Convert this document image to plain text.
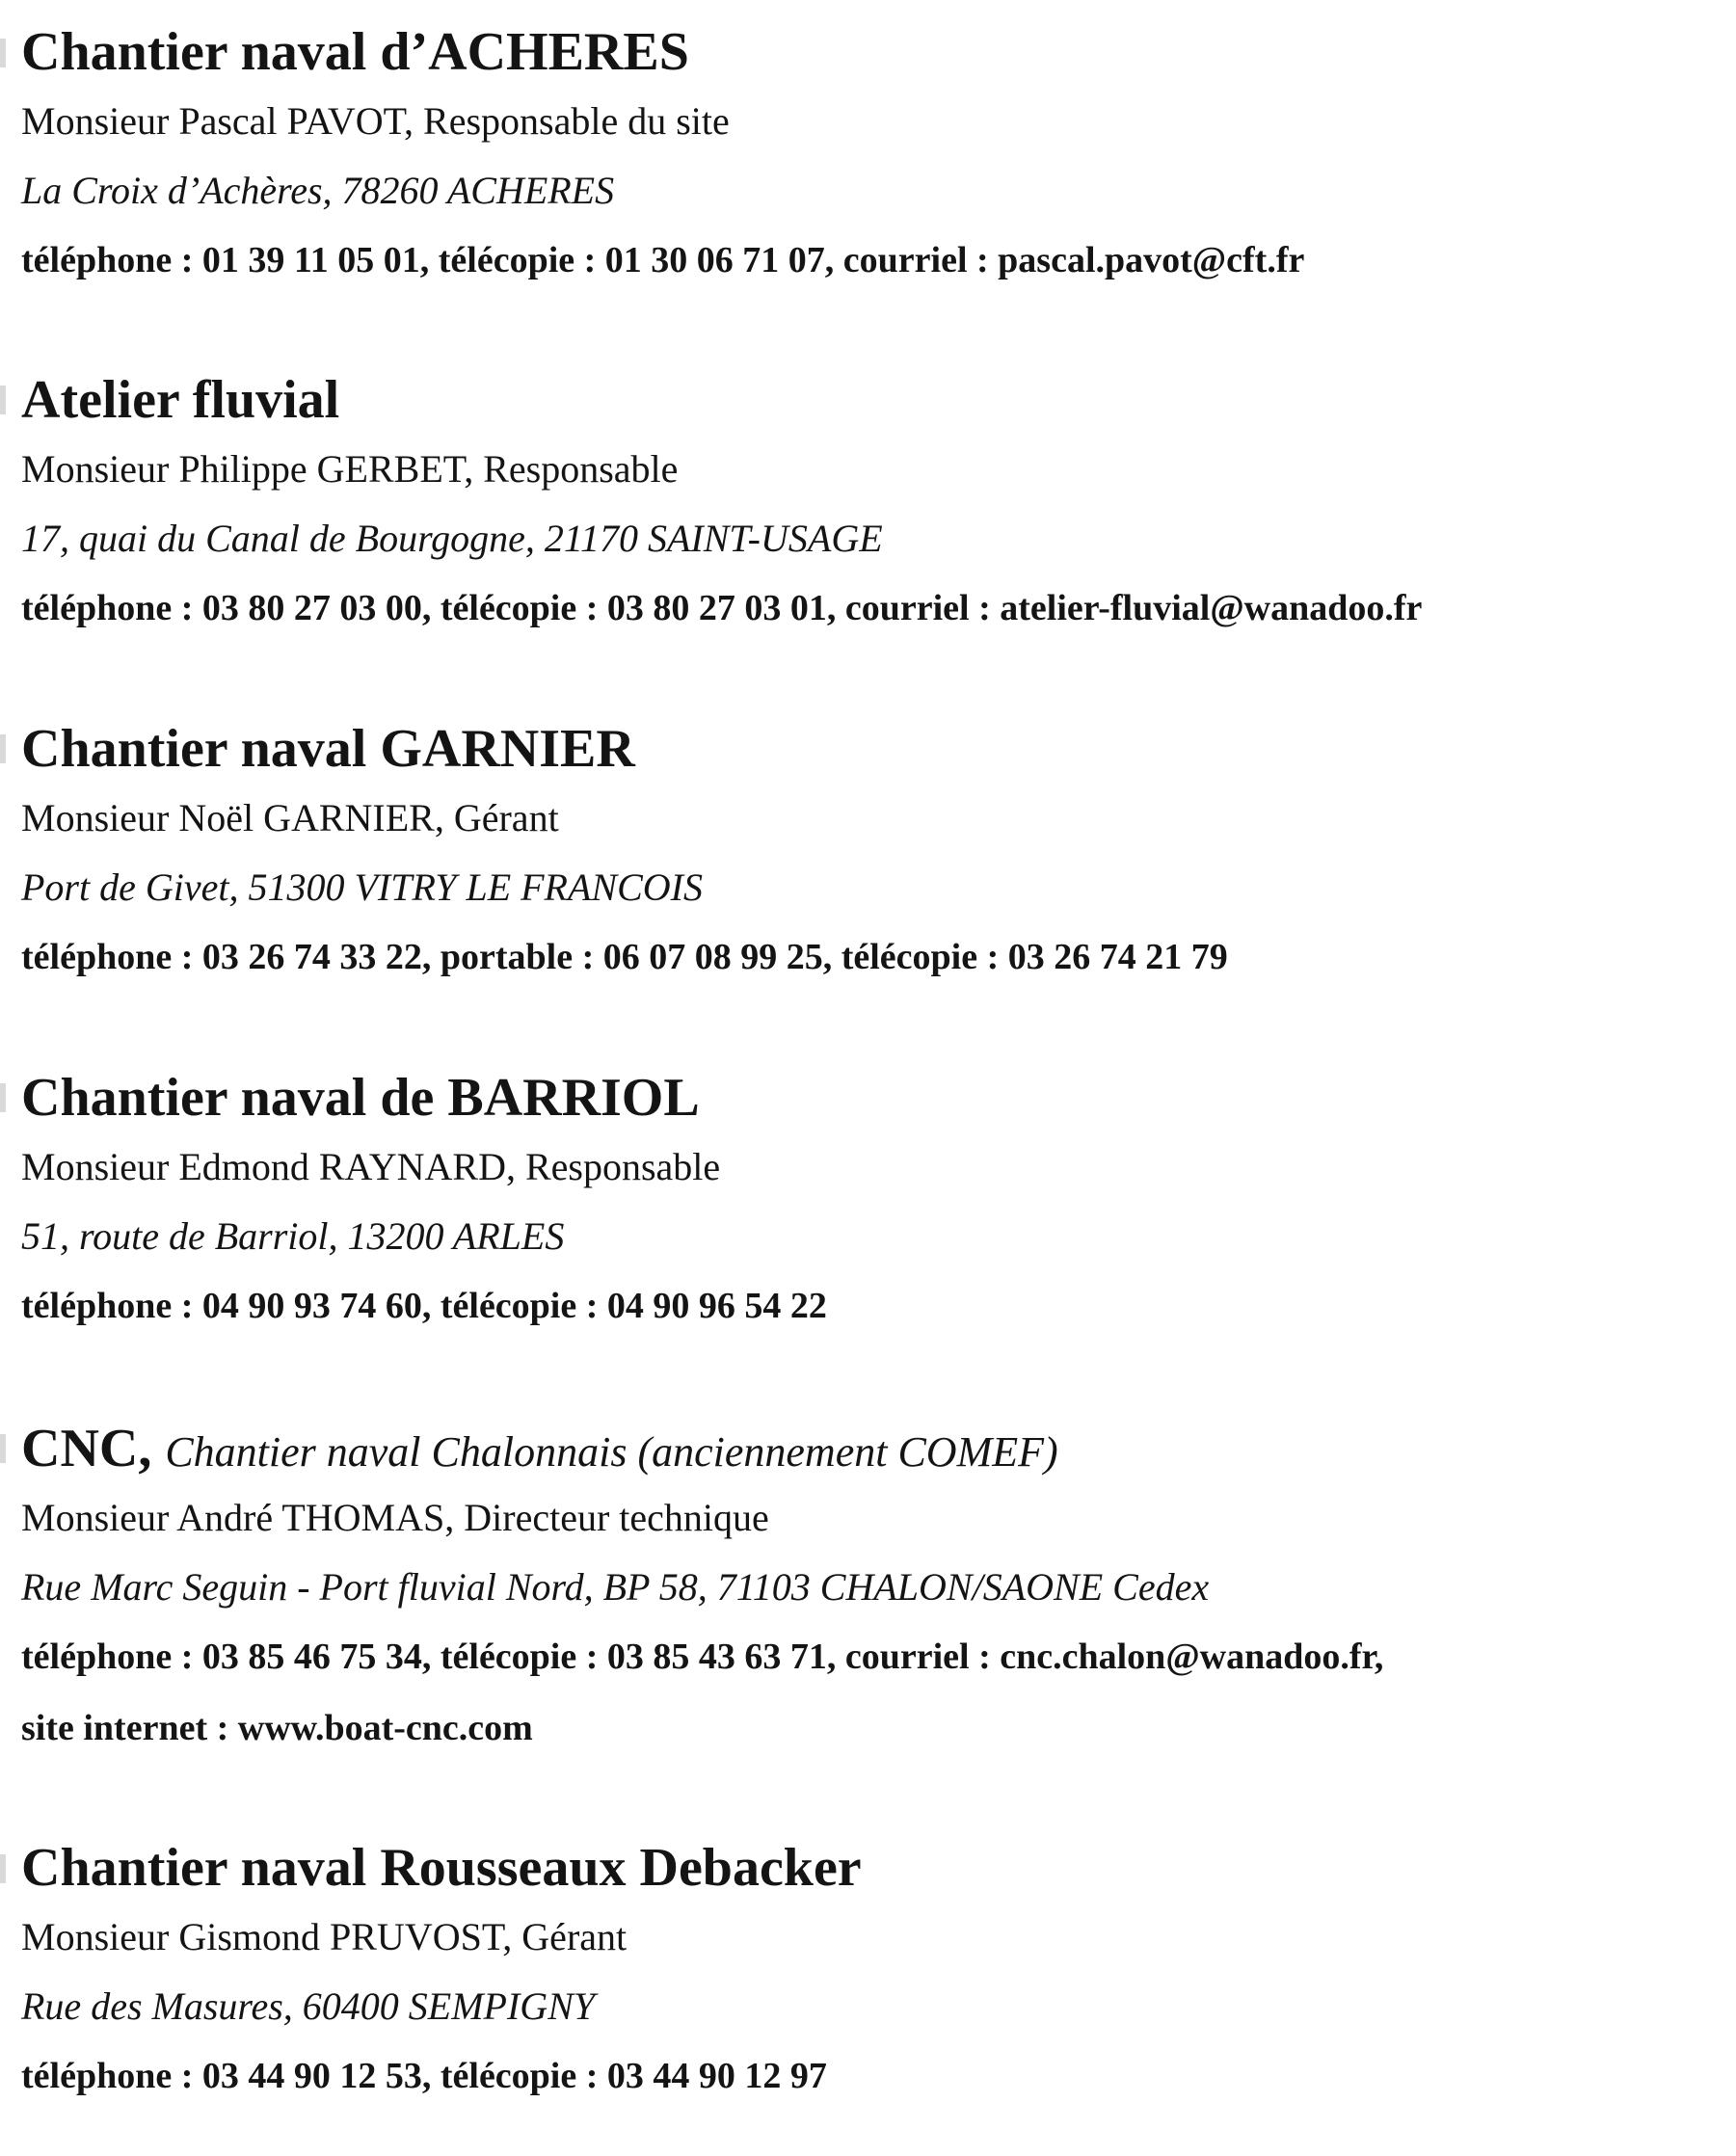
Chantier naval d’ACHERES
Monsieur Pascal PAVOT, Responsable du site
La Croix d’Achères, 78260 ACHERES
téléphone : 01 39 11 05 01, télécopie : 01 30 06 71 07, courriel : pascal.pavot@cft.fr
Atelier fluvial
Monsieur Philippe GERBET, Responsable
17, quai du Canal de Bourgogne, 21170 SAINT-USAGE
téléphone : 03 80 27 03 00, télécopie : 03 80 27 03 01, courriel : atelier-fluvial@wanadoo.fr
Chantier naval GARNIER
Monsieur Noël GARNIER, Gérant
Port de Givet, 51300 VITRY LE FRANCOIS
téléphone : 03 26 74 33 22, portable : 06 07 08 99 25, télécopie : 03 26 74 21 79
Chantier naval de BARRIOL
Monsieur Edmond RAYNARD, Responsable
51, route de Barriol, 13200 ARLES
téléphone : 04 90 93 74 60, télécopie : 04 90 96 54 22
CNC, Chantier naval Chalonnais (anciennement COMEF)
Monsieur André THOMAS, Directeur technique
Rue Marc Seguin - Port fluvial Nord, BP 58, 71103 CHALON/SAONE Cedex
téléphone : 03 85 46 75 34, télécopie : 03 85 43 63 71, courriel : cnc.chalon@wanadoo.fr,
site internet : www.boat-cnc.com
Chantier naval Rousseaux Debacker
Monsieur Gismond PRUVOST, Gérant
Rue des Masures, 60400 SEMPIGNY
téléphone : 03 44 90 12 53, télécopie : 03 44 90 12 97
